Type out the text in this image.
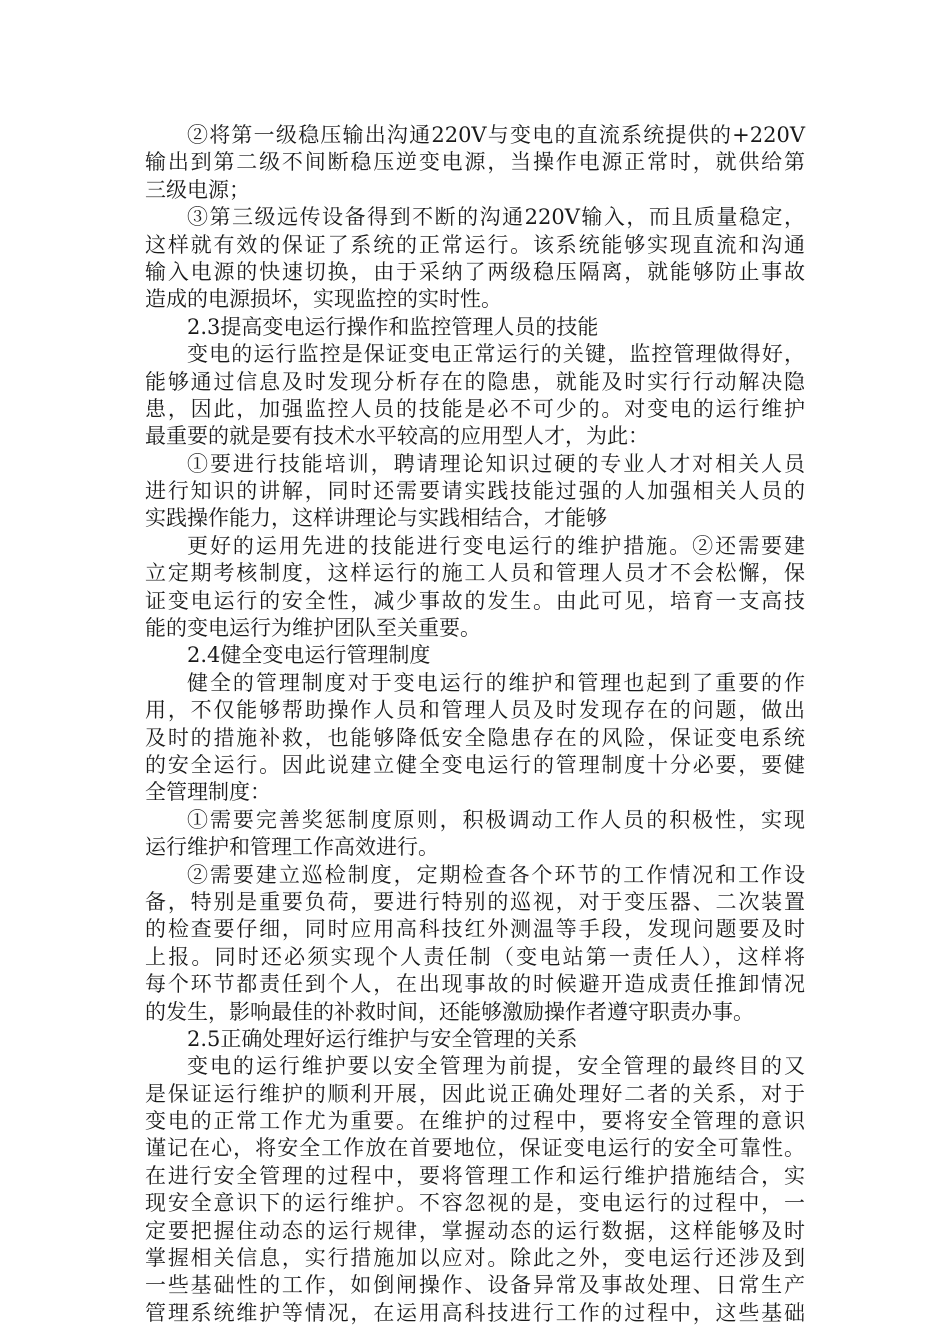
②将第一级稳压输出沟通220V与变电的直流系统提供的+220V
输出到第二级不间断稳压逆变电源，当操作电源正常时，就供给第
三级电源；
③第三级远传设备得到不断的沟通220V输入，而且质量稳定，
这样就有效的保证了系统的正常运行。该系统能够实现直流和沟通
输入电源的快速切换，由于采纳了两级稳压隔离，就能够防止事故
造成的电源损坏，实现监控的实时性。
2.3提高变电运行操作和监控管理人员的技能
变电的运行监控是保证变电正常运行的关键，监控管理做得好，
能够通过信息及时发现分析存在的隐患，就能及时实行行动解决隐
患，因此，加强监控人员的技能是必不可少的。对变电的运行维护
最重要的就是要有技术水平较高的应用型人才，为此：
①要进行技能培训，聘请理论知识过硬的专业人才对相关人员
进行知识的讲解，同时还需要请实践技能过强的人加强相关人员的
实践操作能力，这样讲理论与实践相结合，才能够
更好的运用先进的技能进行变电运行的维护措施。②还需要建
立定期考核制度，这样运行的施工人员和管理人员才不会松懈，保
证变电运行的安全性，减少事故的发生。由此可见，培育一支高技
能的变电运行为维护团队至关重要。
2.4健全变电运行管理制度
健全的管理制度对于变电运行的维护和管理也起到了重要的作
用，不仅能够帮助操作人员和管理人员及时发现存在的问题，做出
及时的措施补救，也能够降低安全隐患存在的风险，保证变电系统
的安全运行。因此说建立健全变电运行的管理制度十分必要，要健
全管理制度：
①需要完善奖惩制度原则，积极调动工作人员的积极性，实现
运行维护和管理工作高效进行。
②需要建立巡检制度，定期检查各个环节的工作情况和工作设
备，特别是重要负荷，要进行特别的巡视，对于变压器、二次装置
的检查要仔细，同时应用高科技红外测温等手段，发现问题要及时
上报。同时还必须实现个人责任制（变电站第一责任人），这样将
每个环节都责任到个人，在出现事故的时候避开造成责任推卸情况
的发生，影响最佳的补救时间，还能够激励操作者遵守职责办事。
2.5正确处理好运行维护与安全管理的关系
变电的运行维护要以安全管理为前提，安全管理的最终目的又
是保证运行维护的顺利开展，因此说正确处理好二者的关系，对于
变电的正常工作尤为重要。在维护的过程中，要将安全管理的意识
谨记在心，将安全工作放在首要地位，保证变电运行的安全可靠性。
在进行安全管理的过程中，要将管理工作和运行维护措施结合，实
现安全意识下的运行维护。不容忽视的是，变电运行的过程中，一
定要把握住动态的运行规律，掌握动态的运行数据，这样能够及时
掌握相关信息，实行措施加以应对。除此之外，变电运行还涉及到
一些基础性的工作，如倒闸操作、设备异常及事故处理、日常生产
管理系统维护等情况，在运用高科技进行工作的过程中，这些基础
